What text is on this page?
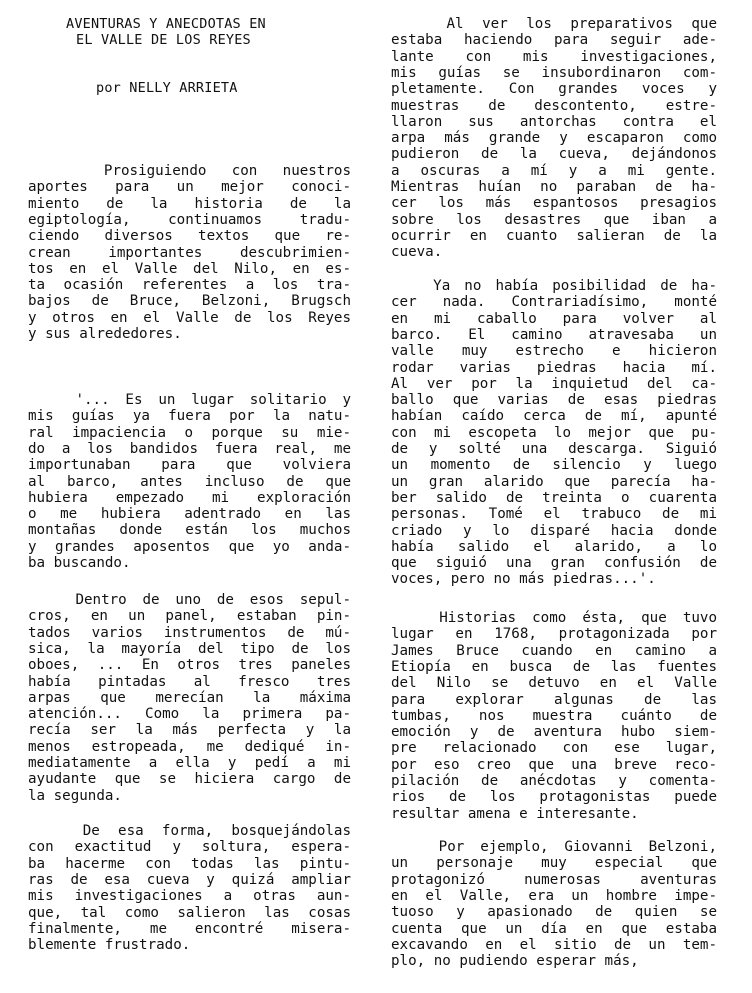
AVENTURAS Y ANECDOTAS EN
EL VALLE DE LOS REYES
por NELLY ARRIETA
Prosiguiendo con nuestros
aportes para un mejor conoci-
miento de la historia de la
egiptología, continuamos tradu-
ciendo diversos textos que re-
crean importantes descubrimien-
tos en el Valle del Nilo, en es-
ta ocasión referentes a los tra-
bajos de Bruce, Belzoni, Brugsch
y otros en el Valle de los Reyes
y sus alrededores.
'... Es un lugar solitario y
mis guías ya fuera por la natu-
ral impaciencia o porque su mie-
do a los bandidos fuera real, me
importunaban para que volviera
al barco, antes incluso de que
hubiera empezado mi exploración
o me hubiera adentrado en las
montañas donde están los muchos
y grandes aposentos que yo anda-
ba buscando.
Dentro de uno de esos sepul-
cros, en un panel, estaban pin-
tados varios instrumentos de mú-
sica, la mayoría del tipo de los
oboes, ... En otros tres paneles
había pintadas al fresco tres
arpas que merecían la máxima
atención... Como la primera pa-
recía ser la más perfecta y la
menos estropeada, me dediqué in-
mediatamente a ella y pedí a mi
ayudante que se hiciera cargo de
la segunda.
De esa forma, bosquejándolas
con exactitud y soltura, espera-
ba hacerme con todas las pintu-
ras de esa cueva y quizá ampliar
mis investigaciones a otras aun-
que, tal como salieron las cosas
finalmente, me encontré misera-
blemente frustrado.
Al ver los preparativos que
estaba haciendo para seguir ade-
lante con mis investigaciones,
mis guías se insubordinaron com-
pletamente. Con grandes voces y
muestras de descontento, estre-
llaron sus antorchas contra el
arpa más grande y escaparon como
pudieron de la cueva, dejándonos
a oscuras a mí y a mi gente.
Mientras huían no paraban de ha-
cer los más espantosos presagios
sobre los desastres que iban a
ocurrir en cuanto salieran de la
cueva.
Ya no había posibilidad de ha-
cer nada. Contrariadísimo, monté
en mi caballo para volver al
barco. El camino atravesaba un
valle muy estrecho e hicieron
rodar varias piedras hacia mí.
Al ver por la inquietud del ca-
ballo que varias de esas piedras
habían caído cerca de mí, apunté
con mi escopeta lo mejor que pu-
de y solté una descarga. Siguió
un momento de silencio y luego
un gran alarido que parecía ha-
ber salido de treinta o cuarenta
personas. Tomé el trabuco de mi
criado y lo disparé hacia donde
había salido el alarido, a lo
que siguió una gran confusión de
voces, pero no más piedras...'.
Historias como ésta, que tuvo
lugar en 1768, protagonizada por
James Bruce cuando en camino a
Etiopía en busca de las fuentes
del Nilo se detuvo en el Valle
para explorar algunas de las
tumbas, nos muestra cuánto de
emoción y de aventura hubo siem-
pre relacionado con ese lugar,
por eso creo que una breve reco-
pilación de anécdotas y comenta-
rios de los protagonistas puede
resultar amena e interesante.
Por ejemplo, Giovanni Belzoni,
un personaje muy especial que
protagonizó numerosas aventuras
en el Valle, era un hombre impe-
tuoso y apasionado de quien se
cuenta que un día en que estaba
excavando en el sitio de un tem-
plo, no pudiendo esperar más,
